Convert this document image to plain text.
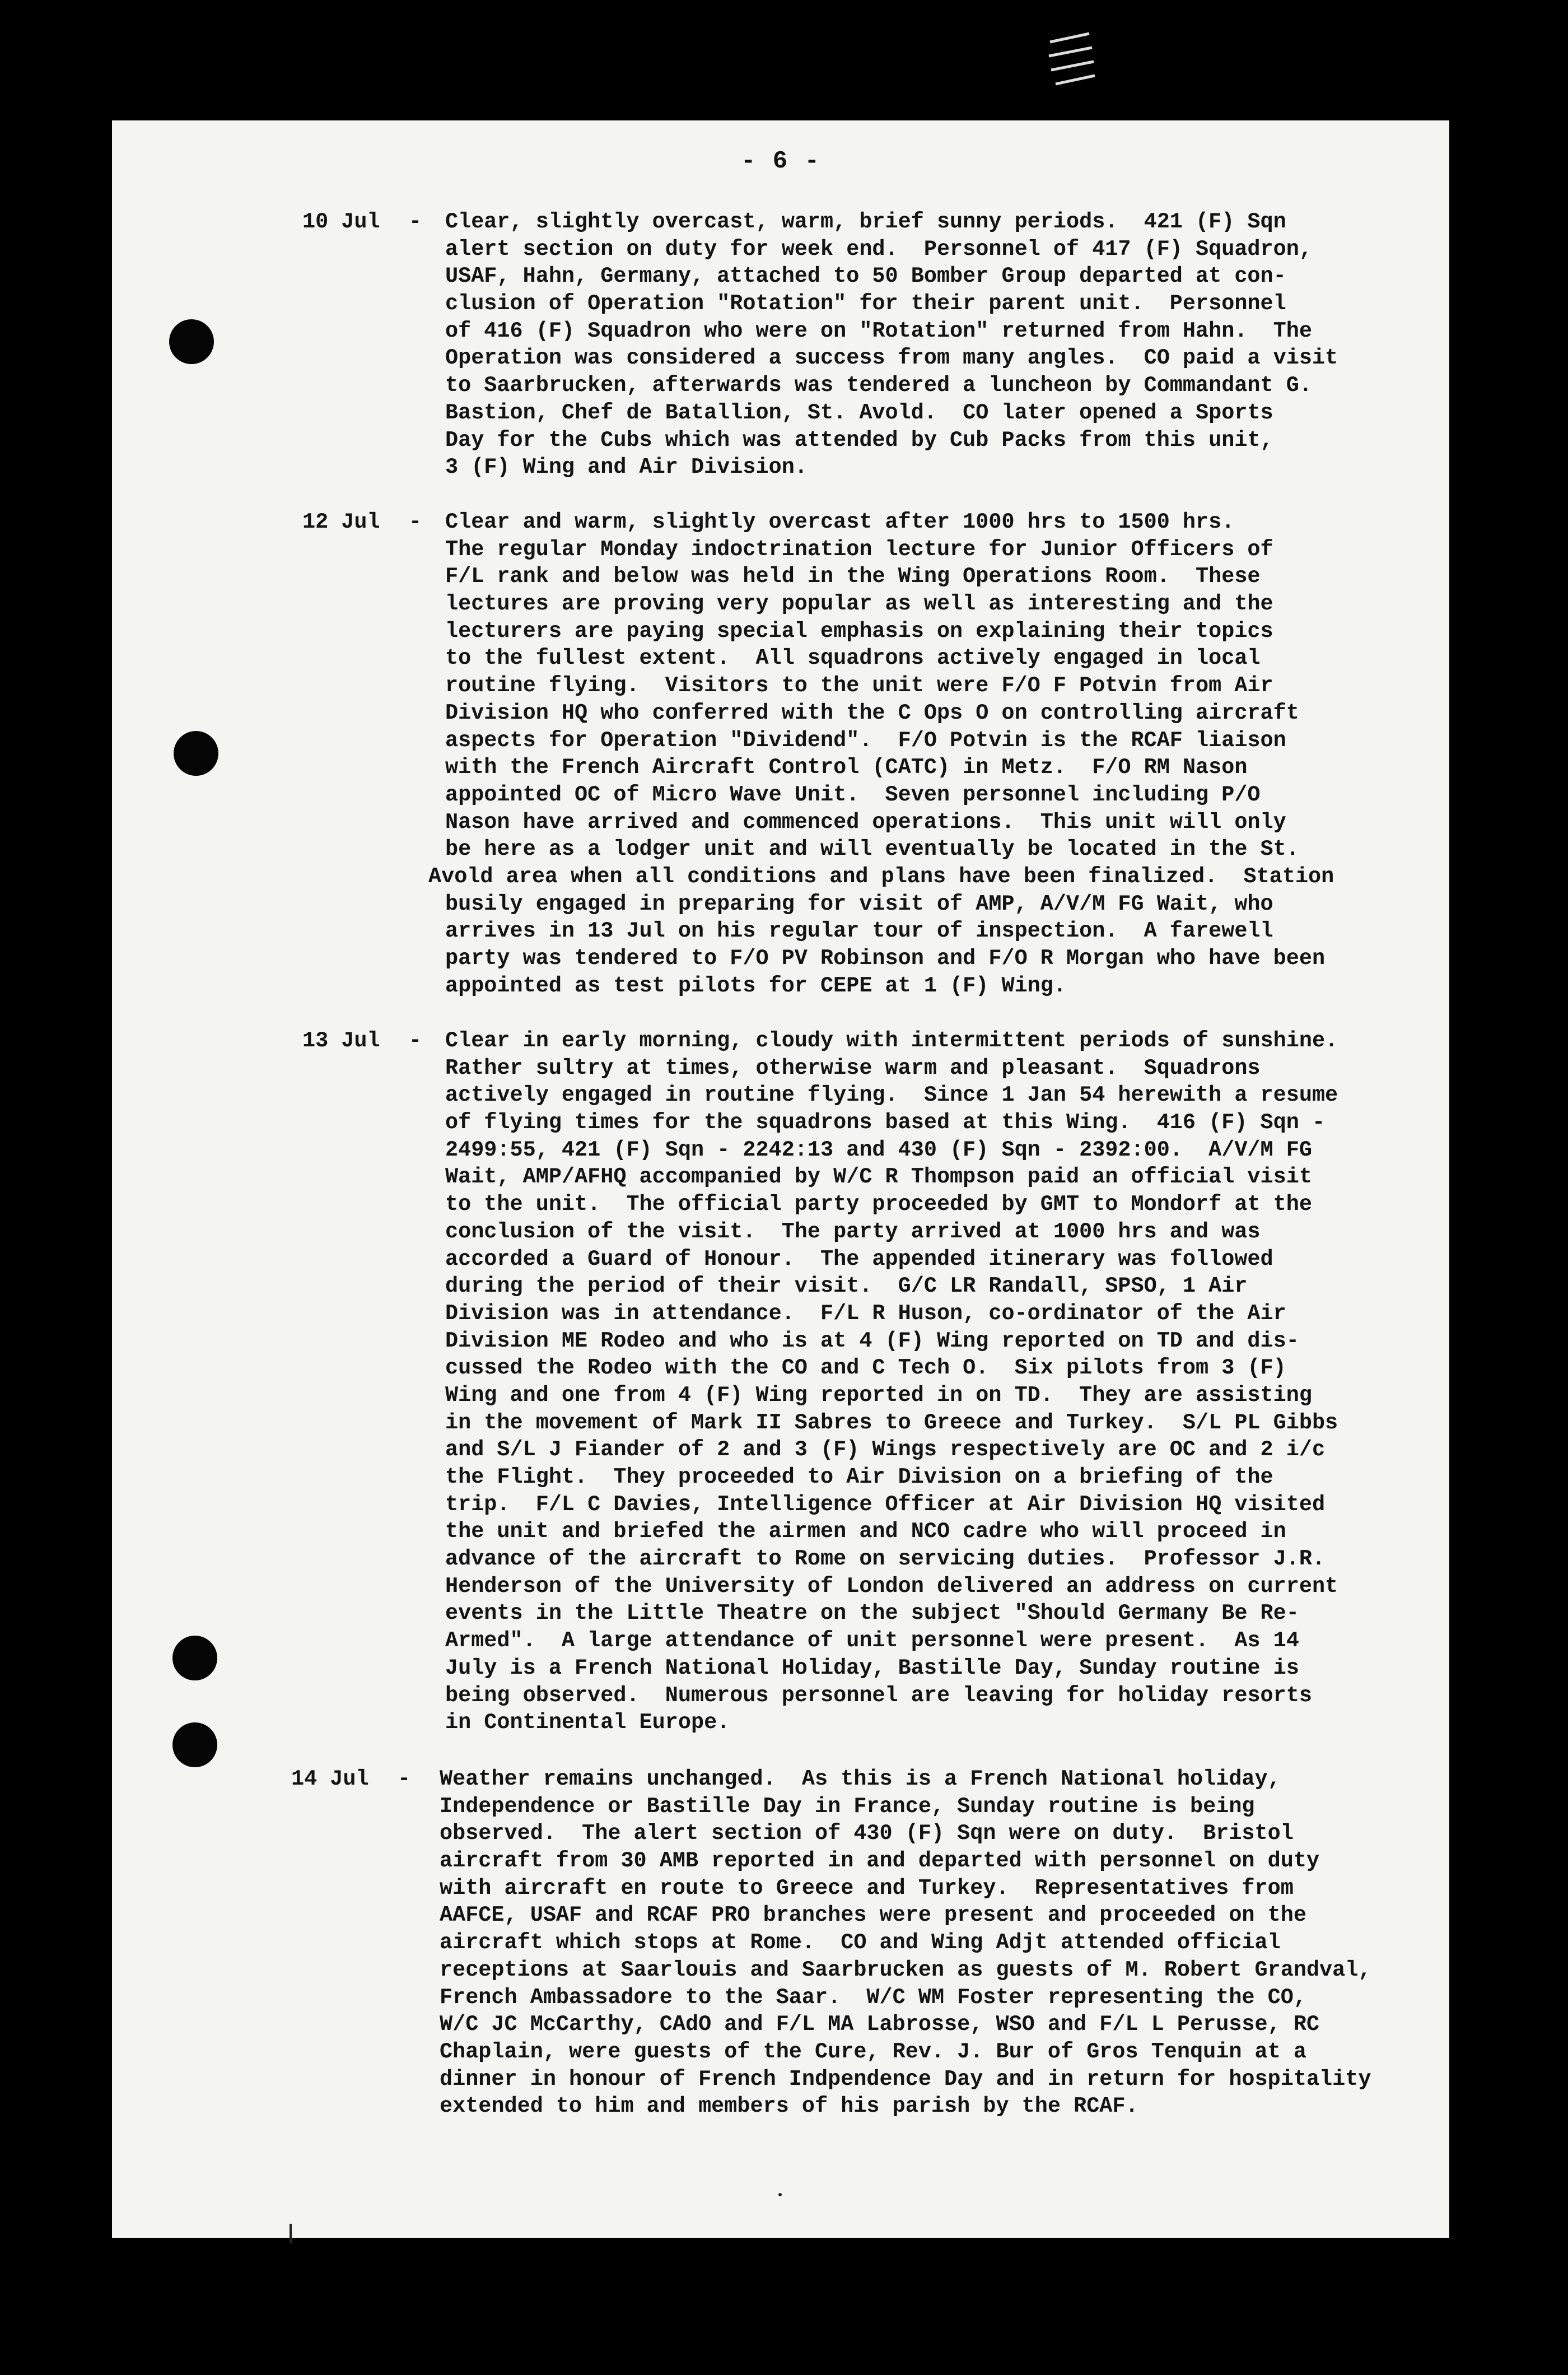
- 6 -
10 Jul	- Clear, slightly overcast, warm, brief sunny periods.  421 (F) Sqn
alert section on duty for week end.  Personnel of 417 (F) Squadron,
USAF, Hahn, Germany, attached to 50 Bomber Group departed at con-
clusion of Operation "Rotation" for their parent unit.  Personnel
of 416 (F) Squadron who were on "Rotation" returned from Hahn.  The
Operation was considered a success from many angles.  CO paid a visit
to Saarbrucken, afterwards was tendered a luncheon by Commandant G.
Bastion, Chef de Batallion, St. Avold.  CO later opened a Sports
Day for the Cubs which was attended by Cub Packs from this unit,
3 (F) Wing and Air Division.
12 Jul	- Clear and warm, slightly overcast after 1000 hrs to 1500 hrs.
The regular Monday indoctrination lecture for Junior Officers of
F/L rank and below was held in the Wing Operations Room.  These
lectures are proving very popular as well as interesting and the
lecturers are paying special emphasis on explaining their topics
to the fullest extent.  All squadrons actively engaged in local
routine flying.  Visitors to the unit were F/O F Potvin from Air
Division HQ who conferred with the C Ops O on controlling aircraft
aspects for Operation "Dividend".  F/O Potvin is the RCAF liaison
with the French Aircraft Control (CATC) in Metz.  F/O RM Nason
appointed OC of Micro Wave Unit.  Seven personnel including P/O
Nason have arrived and commenced operations.  This unit will only
be here as a lodger unit and will eventually be located in the St.
Avold area when all conditions and plans have been finalized.  Station
busily engaged in preparing for visit of AMP, A/V/M FG Wait, who
arrives in 13 Jul on his regular tour of inspection.  A farewell
party was tendered to F/O PV Robinson and F/O R Morgan who have been
appointed as test pilots for CEPE at 1 (F) Wing.
13 Jul	- Clear in early morning, cloudy with intermittent periods of sunshine.
Rather sultry at times, otherwise warm and pleasant.  Squadrons
actively engaged in routine flying.  Since 1 Jan 54 herewith a resume
of flying times for the squadrons based at this Wing.  416 (F) Sqn -
2499:55, 421 (F) Sqn - 2242:13 and 430 (F) Sqn - 2392:00.  A/V/M FG
Wait, AMP/AFHQ accompanied by W/C R Thompson paid an official visit
to the unit.  The official party proceeded by GMT to Mondorf at the
conclusion of the visit.  The party arrived at 1000 hrs and was
accorded a Guard of Honour.  The appended itinerary was followed
during the period of their visit.  G/C LR Randall, SPSO, 1 Air
Division was in attendance.  F/L R Huson, co-ordinator of the Air
Division ME Rodeo and who is at 4 (F) Wing reported on TD and dis-
cussed the Rodeo with the CO and C Tech O.  Six pilots from 3 (F)
Wing and one from 4 (F) Wing reported in on TD.  They are assisting
in the movement of Mark II Sabres to Greece and Turkey.  S/L PL Gibbs
and S/L J Fiander of 2 and 3 (F) Wings respectively are OC and 2 i/c
the Flight.  They proceeded to Air Division on a briefing of the
trip.  F/L C Davies, Intelligence Officer at Air Division HQ visited
the unit and briefed the airmen and NCO cadre who will proceed in
advance of the aircraft to Rome on servicing duties.  Professor J.R.
Henderson of the University of London delivered an address on current
events in the Little Theatre on the subject "Should Germany Be Re-
Armed".  A large attendance of unit personnel were present.  As 14
July is a French National Holiday, Bastille Day, Sunday routine is
being observed.  Numerous personnel are leaving for holiday resorts
in Continental Europe.
14 Jul	- Weather remains unchanged.  As this is a French National holiday,
Independence or Bastille Day in France, Sunday routine is being
observed.  The alert section of 430 (F) Sqn were on duty.  Bristol
aircraft from 30 AMB reported in and departed with personnel on duty
with aircraft en route to Greece and Turkey.  Representatives from
AAFCE, USAF and RCAF PRO branches were present and proceeded on the
aircraft which stops at Rome.  CO and Wing Adjt attended official
receptions at Saarlouis and Saarbrucken as guests of M. Robert Grandval,
French Ambassadore to the Saar.  W/C WM Foster representing the CO,
W/C JC McCarthy, CAdO and F/L MA Labrosse, WSO and F/L L Perusse, RC
Chaplain, were guests of the Cure, Rev. J. Bur of Gros Tenquin at a
dinner in honour of French Indpendence Day and in return for hospitality
extended to him and members of his parish by the RCAF.
